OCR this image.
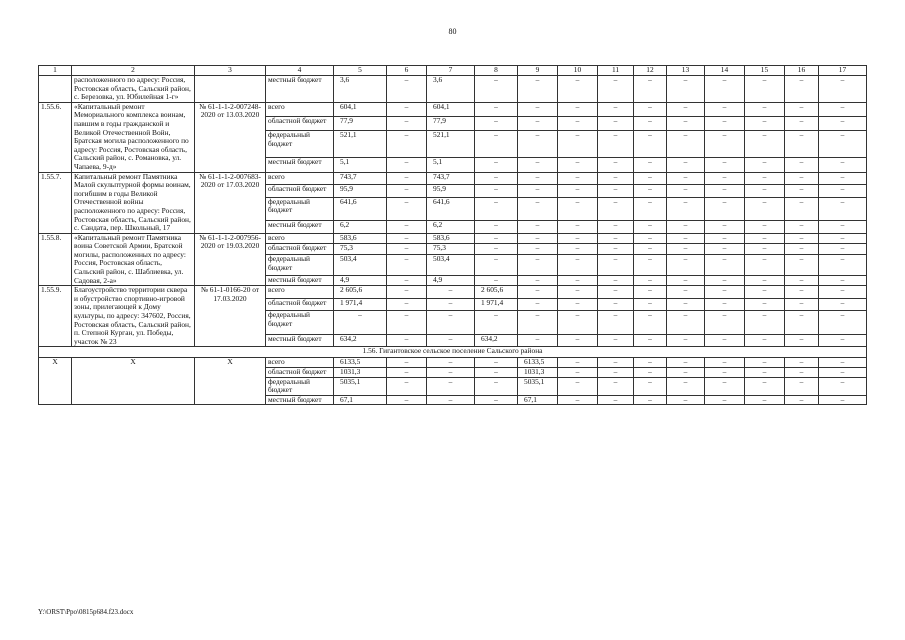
80
1	2	3	4	5	6	7	8	9	10	11	12	13	14	15	16	17
	расположенного по адресу: Россия, Ростовская область, Сальский район, с. Березовка, ул. Юбилейная 1-г»		местный бюджет	3,6	–	3,6	–	–	–	–	–	–	–	–	–	–
1.55.6.	«Капитальный ремонт Мемориального комплекса воинам, павшим в годы гражданской и Великой Отечественной Войн, Братская могила расположенного по адресу: Россия, Ростовская область, Сальский район, с. Романовка, ул. Чапаева, 9-д»	№ 61-1-1-2-007248-2020 от 13.03.2020	всего	604,1	–	604,1	–	–	–	–	–	–	–	–	–	–
			областной бюджет	77,9	–	77,9	–	–	–	–	–	–	–	–	–	–
			федеральный бюджет	521,1	–	521,1	–	–	–	–	–	–	–	–	–	–
			местный бюджет	5,1	–	5,1	–	–	–	–	–	–	–	–	–	–
1.55.7.	Капитальный ремонт Памятника Малой скульптурной формы воинам, погибшим в годы Великой Отечественной войны расположенного по адресу: Россия, Ростовская область, Сальский район, с. Сандата, пер. Школьный, 17	№ 61-1-1-2-007683-2020 от 17.03.2020	всего	743,7	–	743,7	–	–	–	–	–	–	–	–	–	–
			областной бюджет	95,9	–	95,9	–	–	–	–	–	–	–	–	–	–
			федеральный бюджет	641,6	–	641,6	–	–	–	–	–	–	–	–	–	–
			местный бюджет	6,2	–	6,2	–	–	–	–	–	–	–	–	–	–
1.55.8.	«Капитальный ремонт Памятника воина Советской Армии, Братской могилы, расположенных по адресу: Россия, Ростовская область, Сальский район, с. Шаблиевка, ул. Садовая, 2-а»	№ 61-1-1-2-007956-2020 от 19.03.2020	всего	583,6	–	583,6	–	–	–	–	–	–	–	–	–	–
			областной бюджет	75,3	–	75,3	–	–	–	–	–	–	–	–	–	–
			федеральный бюджет	503,4	–	503,4	–	–	–	–	–	–	–	–	–	–
			местный бюджет	4,9	–	4,9	–	–	–	–	–	–	–	–	–	–
1.55.9.	Благоустройство территории сквера и обустройство спортивно-игровой зоны, прилегающей к Дому культуры, по адресу: 347602, Россия, Ростовская область, Сальский район, п. Степной Курган, ул. Победы, участок № 23	№ 61-1-0166-20 от 17.03.2020	всего	2 605,6	–	–	2 605,6	–	–	–	–	–	–	–	–	–
			областной бюджет	1 971,4	–	–	1 971,4	–	–	–	–	–	–	–	–	–
			федеральный бюджет	–	–	–	–	–	–	–	–	–	–	–	–	–
			местный бюджет	634,2	–	–	634,2	–	–	–	–	–	–	–	–	–
1.56. Гигантовское сельское поселение Сальского района																
Х	Х	Х	всего	6133,5	–	–	–	6133,5	–	–	–	–	–	–	–	–
			областной бюджет	1031,3	–	–	–	1031,3	–	–	–	–	–	–	–	–
			федеральный бюджет	5035,1	–	–	–	5035,1	–	–	–	–	–	–	–	–
			местный бюджет	67,1	–	–	–	67,1	–	–	–	–	–	–	–	–
Y:\ORST\Ppo\0815p684.f23.docx
